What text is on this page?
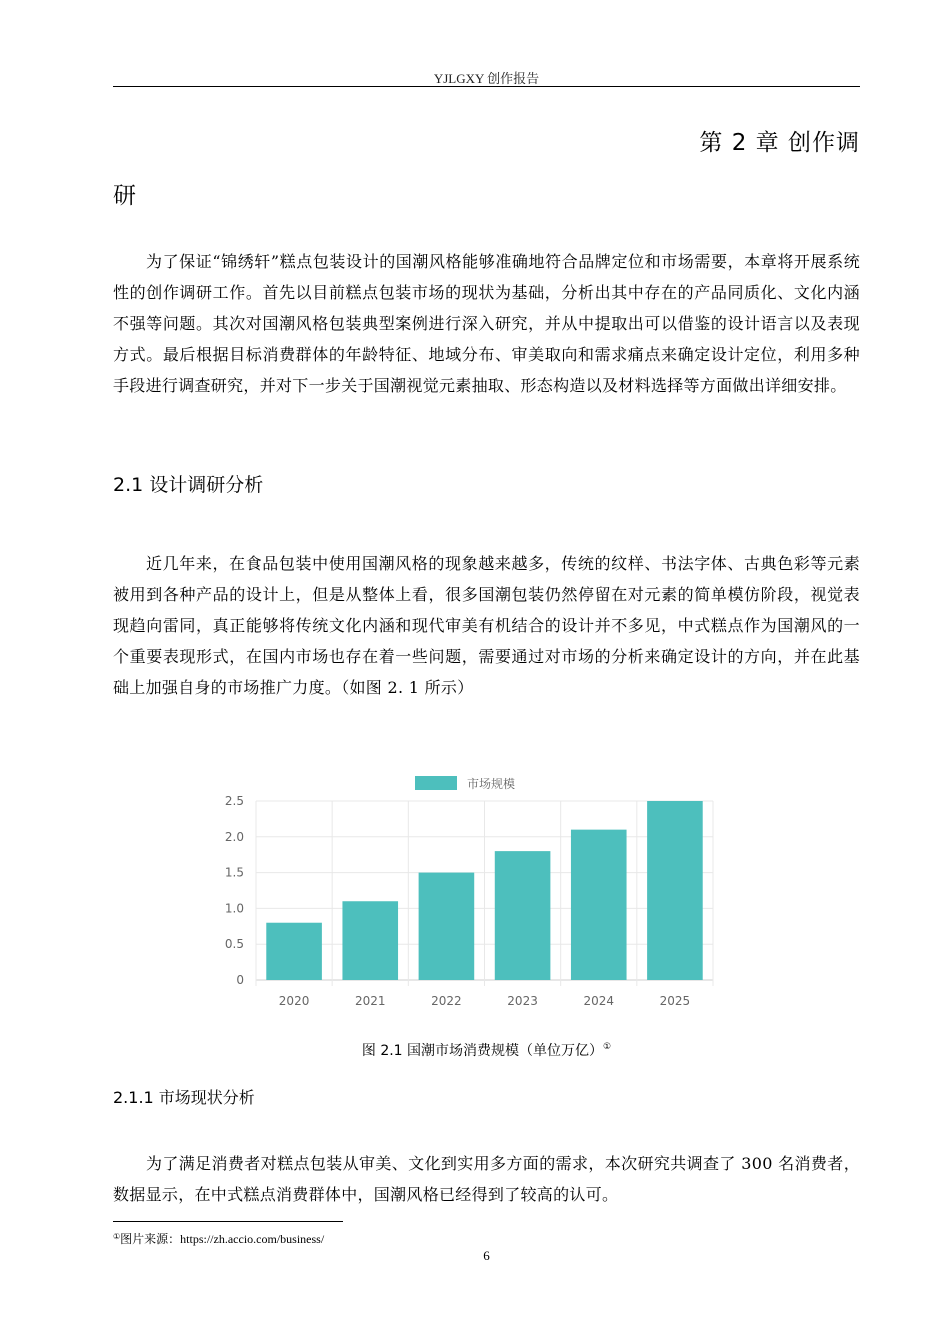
YJLGXY 创作报告
第 2 章 创作调
研
为了保证“锦绣轩”糕点包装设计的国潮风格能够准确地符合品牌定位和市场需要，本章将开展系统性的创作调研工作。首先以目前糕点包装市场的现状为基础，分析出其中存在的产品同质化、文化内涵不强等问题。其次对国潮风格包装典型案例进行深入研究，并从中提取出可以借鉴的设计语言以及表现方式。最后根据目标消费群体的年龄特征、地域分布、审美取向和需求痛点来确定设计定位，利用多种手段进行调查研究，并对下一步关于国潮视觉元素抽取、形态构造以及材料选择等方面做出详细安排。
2.1 设计调研分析
近几年来，在食品包装中使用国潮风格的现象越来越多，传统的纹样、书法字体、古典色彩等元素被用到各种产品的设计上，但是从整体上看，很多国潮包装仍然停留在对元素的简单模仿阶段，视觉表现趋向雷同，真正能够将传统文化内涵和现代审美有机结合的设计并不多见，中式糕点作为国潮风的一个重要表现形式，在国内市场也存在着一些问题，需要通过对市场的分析来确定设计的方向，并在此基础上加强自身的市场推广力度。（如图 2. 1 所示）
市场规模
0
0.5
1.0
1.5
2.0
2.5
2020	2021	2022	2023	2024	2025
图 2.1 国潮市场消费规模（单位万亿）①
2.1.1 市场现状分析
为了满足消费者对糕点包装从审美、文化到实用多方面的需求，本次研究共调查了 300 名消费者，数据显示，在中式糕点消费群体中，国潮风格已经得到了较高的认可。
①图片来源：https://zh.accio.com/business/
6
